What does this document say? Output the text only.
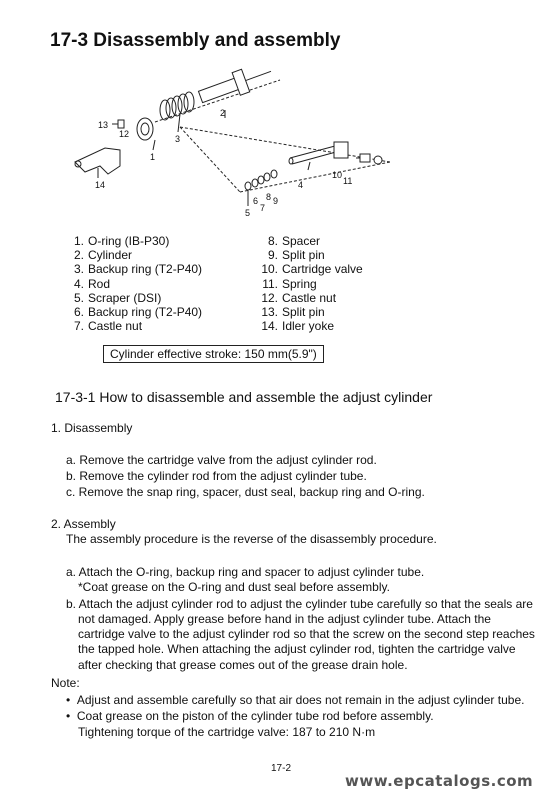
17-3 Disassembly and assembly
2
1
3
13
12
14	4
5
6
7
8 9
10
11
1. O-ring (IB-P30)
2. Cylinder
3. Backup ring (T2-P40)
4. Rod
5. Scraper (DSI)
6. Backup ring (T2-P40)
7. Castle nut
8. Spacer
9. Split pin
10. Cartridge valve
11. Spring
12. Castle nut
13. Split pin
14. Idler yoke
Cylinder effective stroke: 150 mm(5.9")
17-3-1 How to disassemble and assemble the adjust cylinder
1. Disassembly
a. Remove the cartridge valve from the adjust cylinder rod.
b. Remove the cylinder rod from the adjust cylinder tube.
c. Remove the snap ring, spacer, dust seal, backup ring and O-ring.
2. Assembly
The assembly procedure is the reverse of the disassembly procedure.
a. Attach the O-ring, backup ring and spacer to adjust cylinder tube.
*Coat grease on the O-ring and dust seal before assembly.
b. Attach the adjust cylinder rod to adjust the cylinder tube carefully so that the seals are
not damaged. Apply grease before hand in the adjust cylinder tube. Attach the
cartridge valve to the adjust cylinder rod so that the screw on the second step reaches
the tapped hole. When attaching the adjust cylinder rod, tighten the cartridge valve
after checking that grease comes out of the grease drain hole.
Note:
•  Adjust and assemble carefully so that air does not remain in the adjust cylinder tube.
•  Coat grease on the piston of the cylinder tube rod before assembly.
Tightening torque of the cartridge valve: 187 to 210 N·m
17-2
www.epcatalogs.com
